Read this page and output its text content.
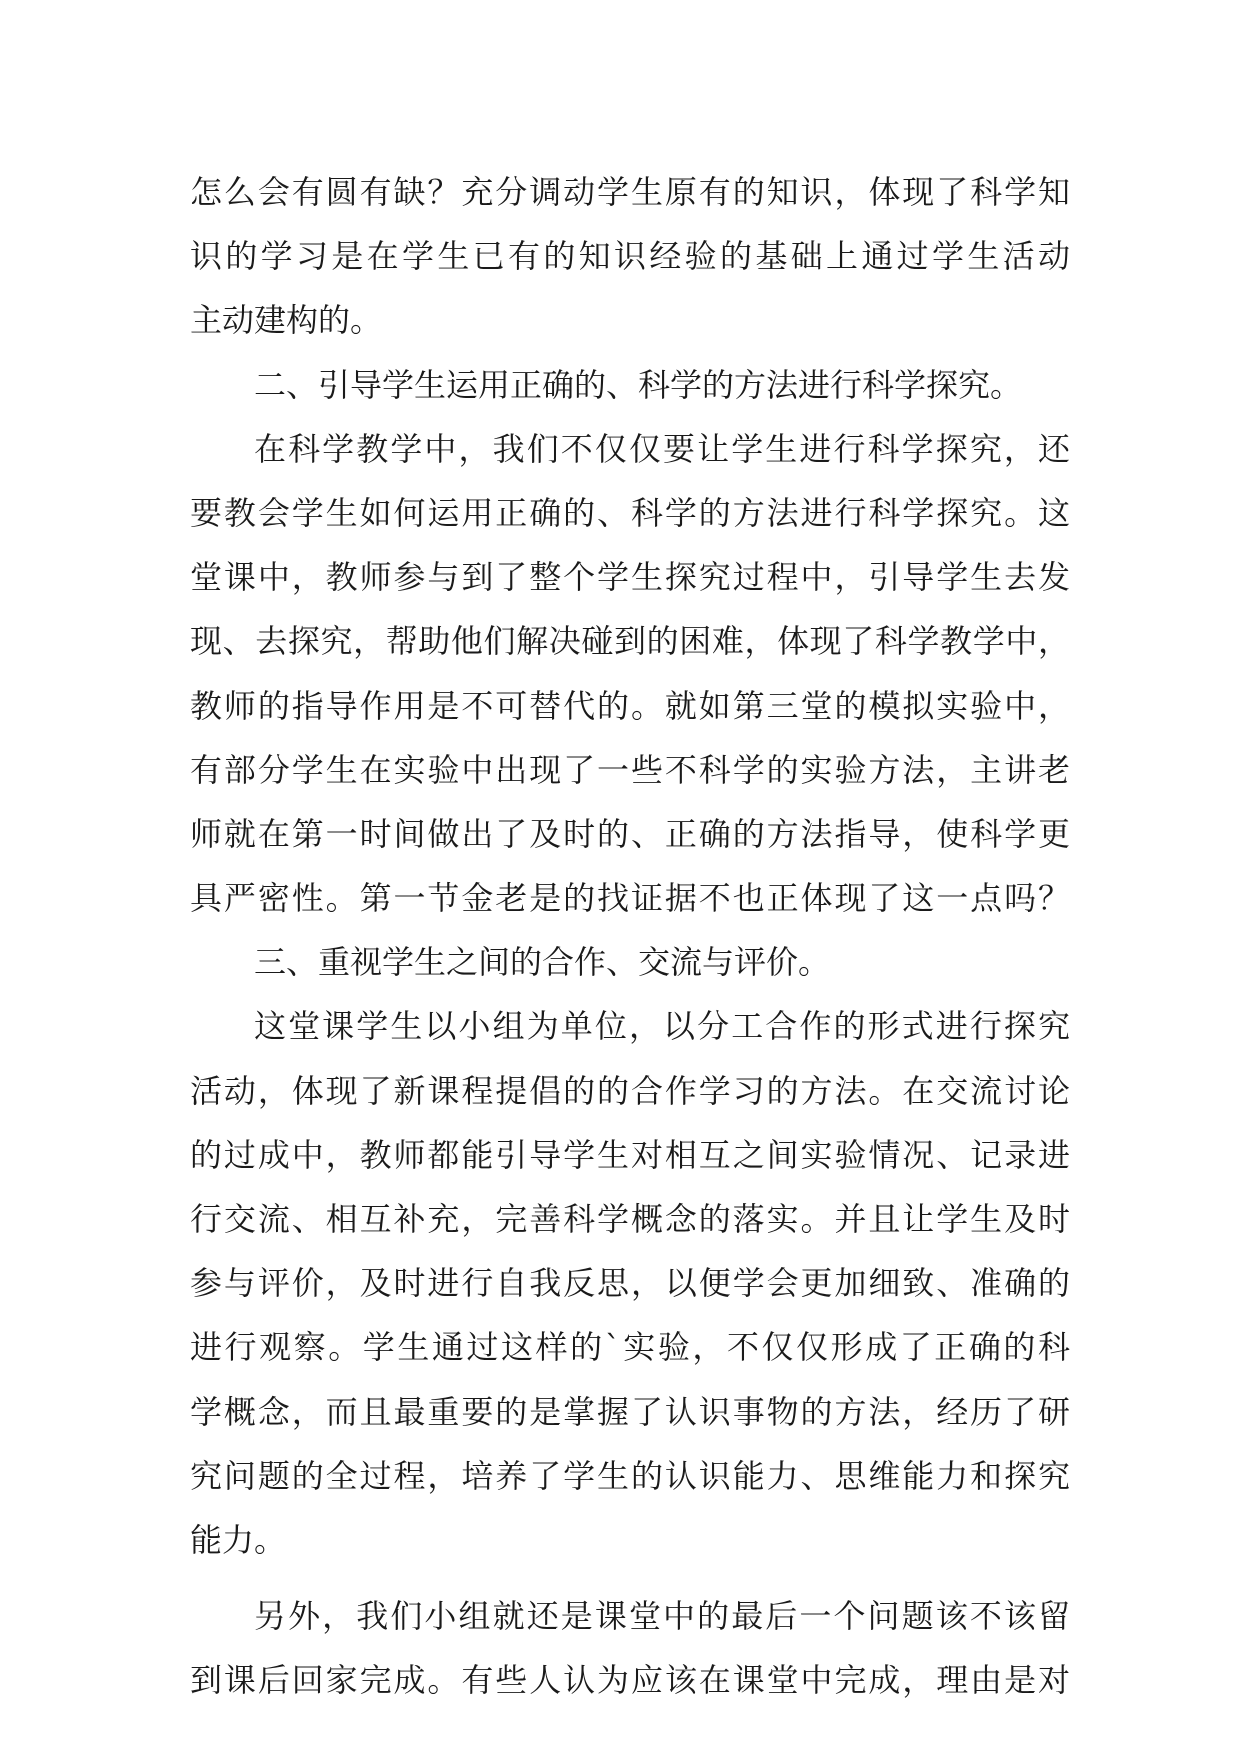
怎么会有圆有缺？充分调动学生原有的知识，体现了科学知
识的学习是在学生已有的知识经验的基础上通过学生活动
主动建构的。
二、引导学生运用正确的、科学的方法进行科学探究。
在科学教学中，我们不仅仅要让学生进行科学探究，还
要教会学生如何运用正确的、科学的方法进行科学探究。这
堂课中，教师参与到了整个学生探究过程中，引导学生去发
现、去探究，帮助他们解决碰到的困难，体现了科学教学中，
教师的指导作用是不可替代的。就如第三堂的模拟实验中，
有部分学生在实验中出现了一些不科学的实验方法，主讲老
师就在第一时间做出了及时的、正确的方法指导，使科学更
具严密性。第一节金老是的找证据不也正体现了这一点吗？
三、重视学生之间的合作、交流与评价。
这堂课学生以小组为单位，以分工合作的形式进行探究
活动，体现了新课程提倡的的合作学习的方法。在交流讨论
的过成中，教师都能引导学生对相互之间实验情况、记录进
行交流、相互补充，完善科学概念的落实。并且让学生及时
参与评价，及时进行自我反思，以便学会更加细致、准确的
进行观察。学生通过这样的`实验，不仅仅形成了正确的科
学概念，而且最重要的是掌握了认识事物的方法，经历了研
究问题的全过程，培养了学生的认识能力、思维能力和探究
能力。
另外，我们小组就还是课堂中的最后一个问题该不该留
到课后回家完成。有些人认为应该在课堂中完成，理由是对
